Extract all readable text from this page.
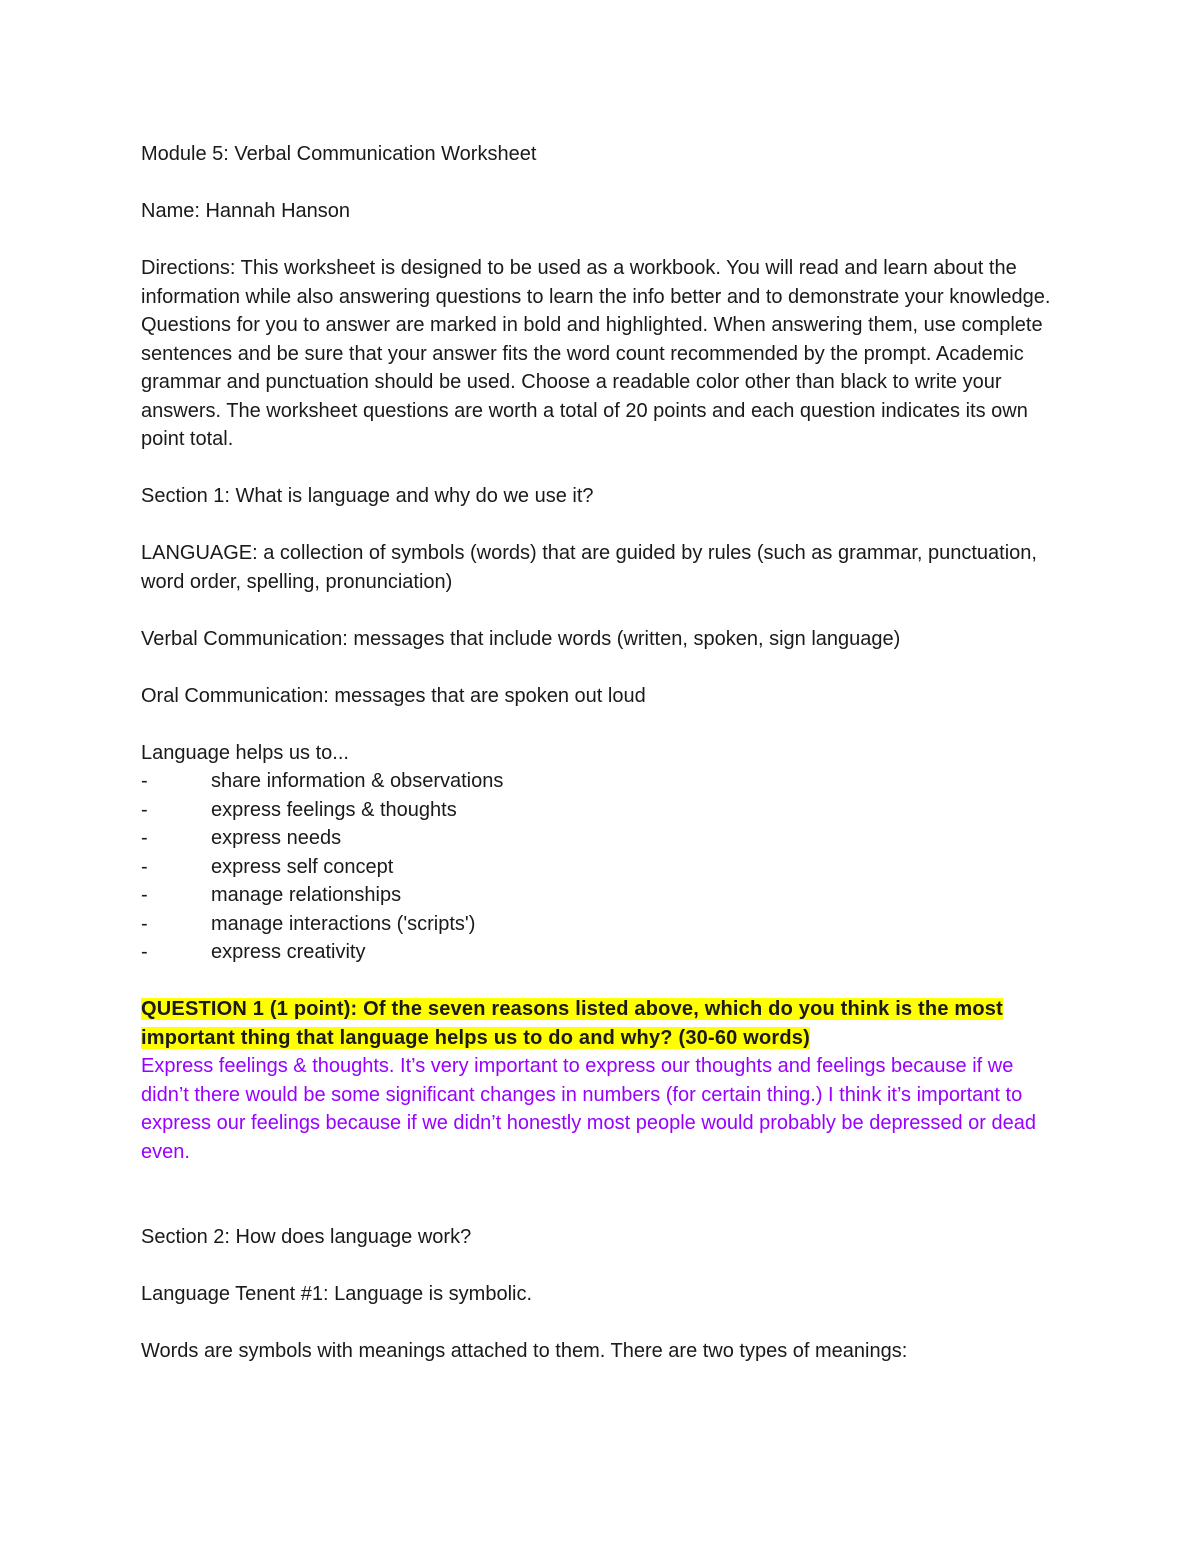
Module 5: Verbal Communication Worksheet

Name: Hannah Hanson

Directions: This worksheet is designed to be used as a workbook. You will read and learn about the information while also answering questions to learn the info better and to demonstrate your knowledge. Questions for you to answer are marked in bold and highlighted. When answering them, use complete sentences and be sure that your answer fits the word count recommended by the prompt. Academic grammar and punctuation should be used. Choose a readable color other than black to write your answers. The worksheet questions are worth a total of 20 points and each question indicates its own point total.

Section 1: What is language and why do we use it?

LANGUAGE: a collection of symbols (words) that are guided by rules (such as grammar, punctuation, word order, spelling, pronunciation)

Verbal Communication: messages that include words (written, spoken, sign language)

Oral Communication: messages that are spoken out loud

Language helps us to...

-	share information & observations
-	express feelings & thoughts
-	express needs
-	express self concept
-	manage relationships
-	manage interactions ('scripts')
-	express creativity
QUESTION 1 (1 point): Of the seven reasons listed above, which do you think is the most
important thing that language helps us to do and why? (30-60 words)

Express feelings & thoughts. It’s very important to express our thoughts and feelings because if we didn’t there would be some significant changes in numbers (for certain thing.) I think it’s important to express our feelings because if we didn’t honestly most people would probably be depressed or dead even.

Section 2: How does language work?

Language Tenent #1: Language is symbolic.

Words are symbols with meanings attached to them. There are two types of meanings:
